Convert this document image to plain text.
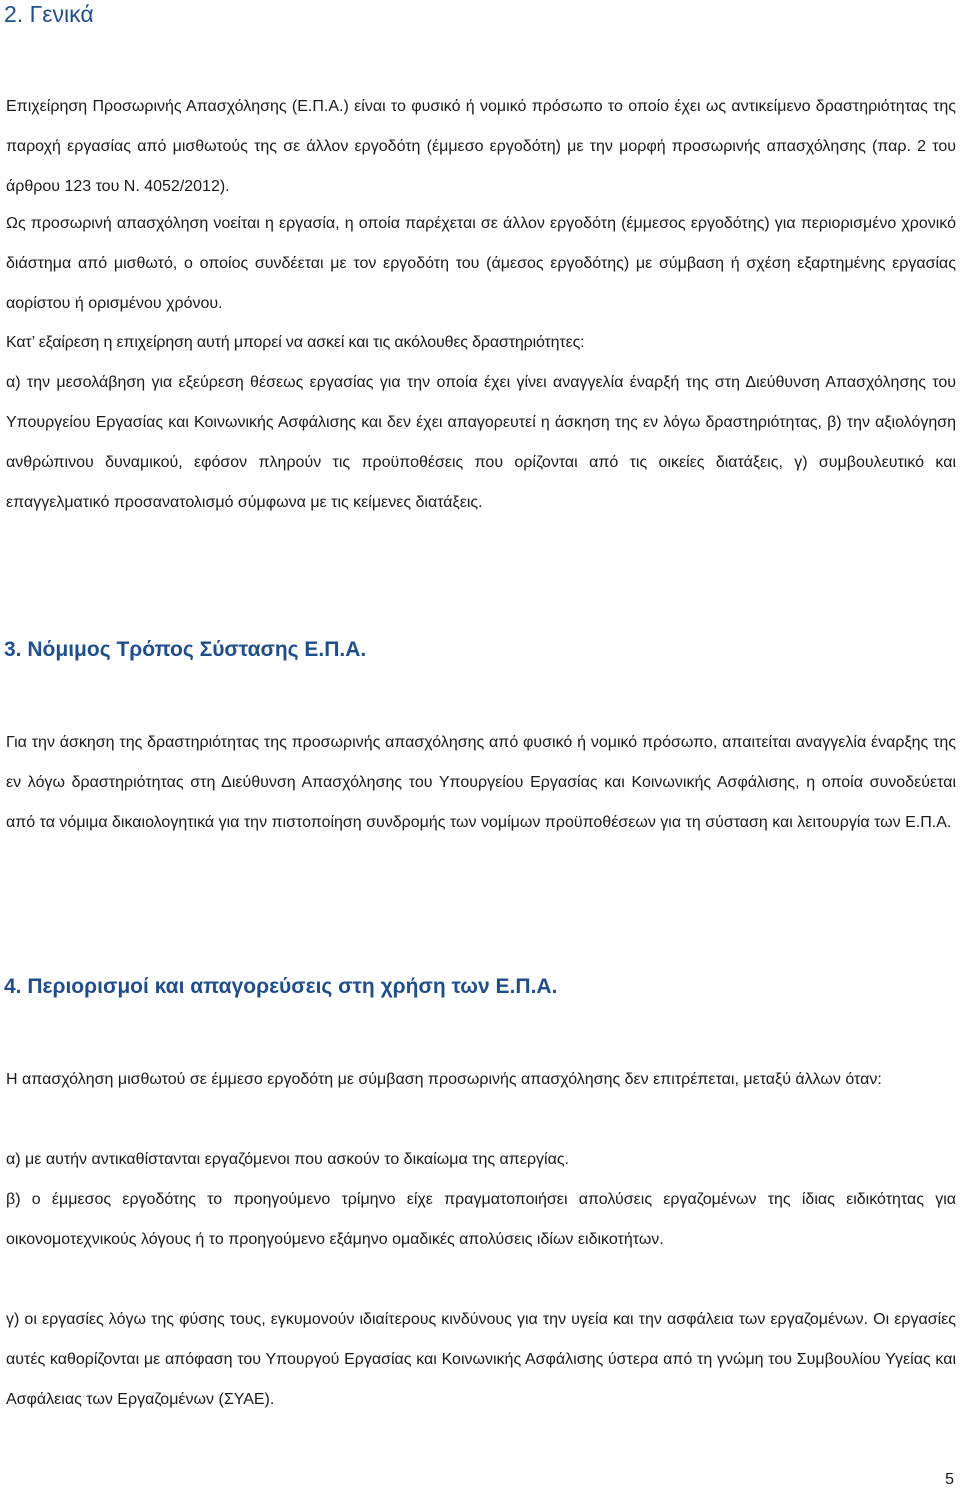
2. Γενικά

Επιχείρηση Προσωρινής Απασχόλησης (Ε.Π.Α.) είναι το φυσικό ή νομικό πρόσωπο το οποίο έχει ως αντικείμενο δραστηριότητας της παροχή εργασίας από μισθωτούς της σε άλλον εργοδότη (έμμεσο εργοδότη) με την μορφή προσωρινής απασχόλησης (παρ. 2 του άρθρου 123 του Ν. 4052/2012).

Ως προσωρινή απασχόληση νοείται η εργασία, η οποία παρέχεται σε άλλον εργοδότη (έμμεσος εργοδότης) για περιορισμένο χρονικό διάστημα από μισθωτό, ο οποίος συνδέεται με τον εργοδότη του (άμεσος εργοδότης) με σύμβαση ή σχέση εξαρτημένης εργασίας αορίστου ή ορισμένου χρόνου.

Κατ’ εξαίρεση η επιχείρηση αυτή μπορεί να ασκεί και τις ακόλουθες δραστηριότητες:

α) την μεσολάβηση για εξεύρεση θέσεως εργασίας για την οποία έχει γίνει αναγγελία έναρξή της στη Διεύθυνση Απασχόλησης του Υπουργείου Εργασίας και Κοινωνικής Ασφάλισης και δεν έχει απαγορευτεί η άσκηση της εν λόγω δραστηριότητας, β) την αξιολόγηση ανθρώπινου δυναμικού, εφόσον πληρούν τις προϋποθέσεις που ορίζονται από τις οικείες διατάξεις, γ) συμβουλευτικό και επαγγελματικό προσανατολισμό σύμφωνα με τις κείμενες διατάξεις.

3. Νόμιμος Τρόπος Σύστασης Ε.Π.Α.

Για την άσκηση της δραστηριότητας της προσωρινής απασχόλησης από φυσικό ή νομικό πρόσωπο, απαιτείται αναγγελία έναρξης της εν λόγω δραστηριότητας στη Διεύθυνση Απασχόλησης του Υπουργείου Εργασίας και Κοινωνικής Ασφάλισης, η οποία συνοδεύεται από τα νόμιμα δικαιολογητικά για την πιστοποίηση συνδρομής των νομίμων προϋποθέσεων για τη σύσταση και λειτουργία των Ε.Π.Α.

4. Περιορισμοί και απαγορεύσεις στη χρήση των Ε.Π.Α.

Η απασχόληση μισθωτού σε έμμεσο εργοδότη με σύμβαση προσωρινής απασχόλησης δεν επιτρέπεται, μεταξύ άλλων όταν:

α) με αυτήν αντικαθίστανται εργαζόμενοι που ασκούν το δικαίωμα της απεργίας.

β) ο έμμεσος εργοδότης το προηγούμενο τρίμηνο είχε πραγματοποιήσει απολύσεις εργαζομένων της ίδιας ειδικότητας για οικονομοτεχνικούς λόγους ή το προηγούμενο εξάμηνο ομαδικές απολύσεις ιδίων ειδικοτήτων.

γ) οι εργασίες λόγω της φύσης τους, εγκυμονούν ιδιαίτερους κινδύνους για την υγεία και την ασφάλεια των εργαζομένων. Οι εργασίες αυτές καθορίζονται με απόφαση του Υπουργού Εργασίας και Κοινωνικής Ασφάλισης ύστερα από τη γνώμη του Συμβουλίου Υγείας και Ασφάλειας των Εργαζομένων (ΣΥΑΕ).

5
